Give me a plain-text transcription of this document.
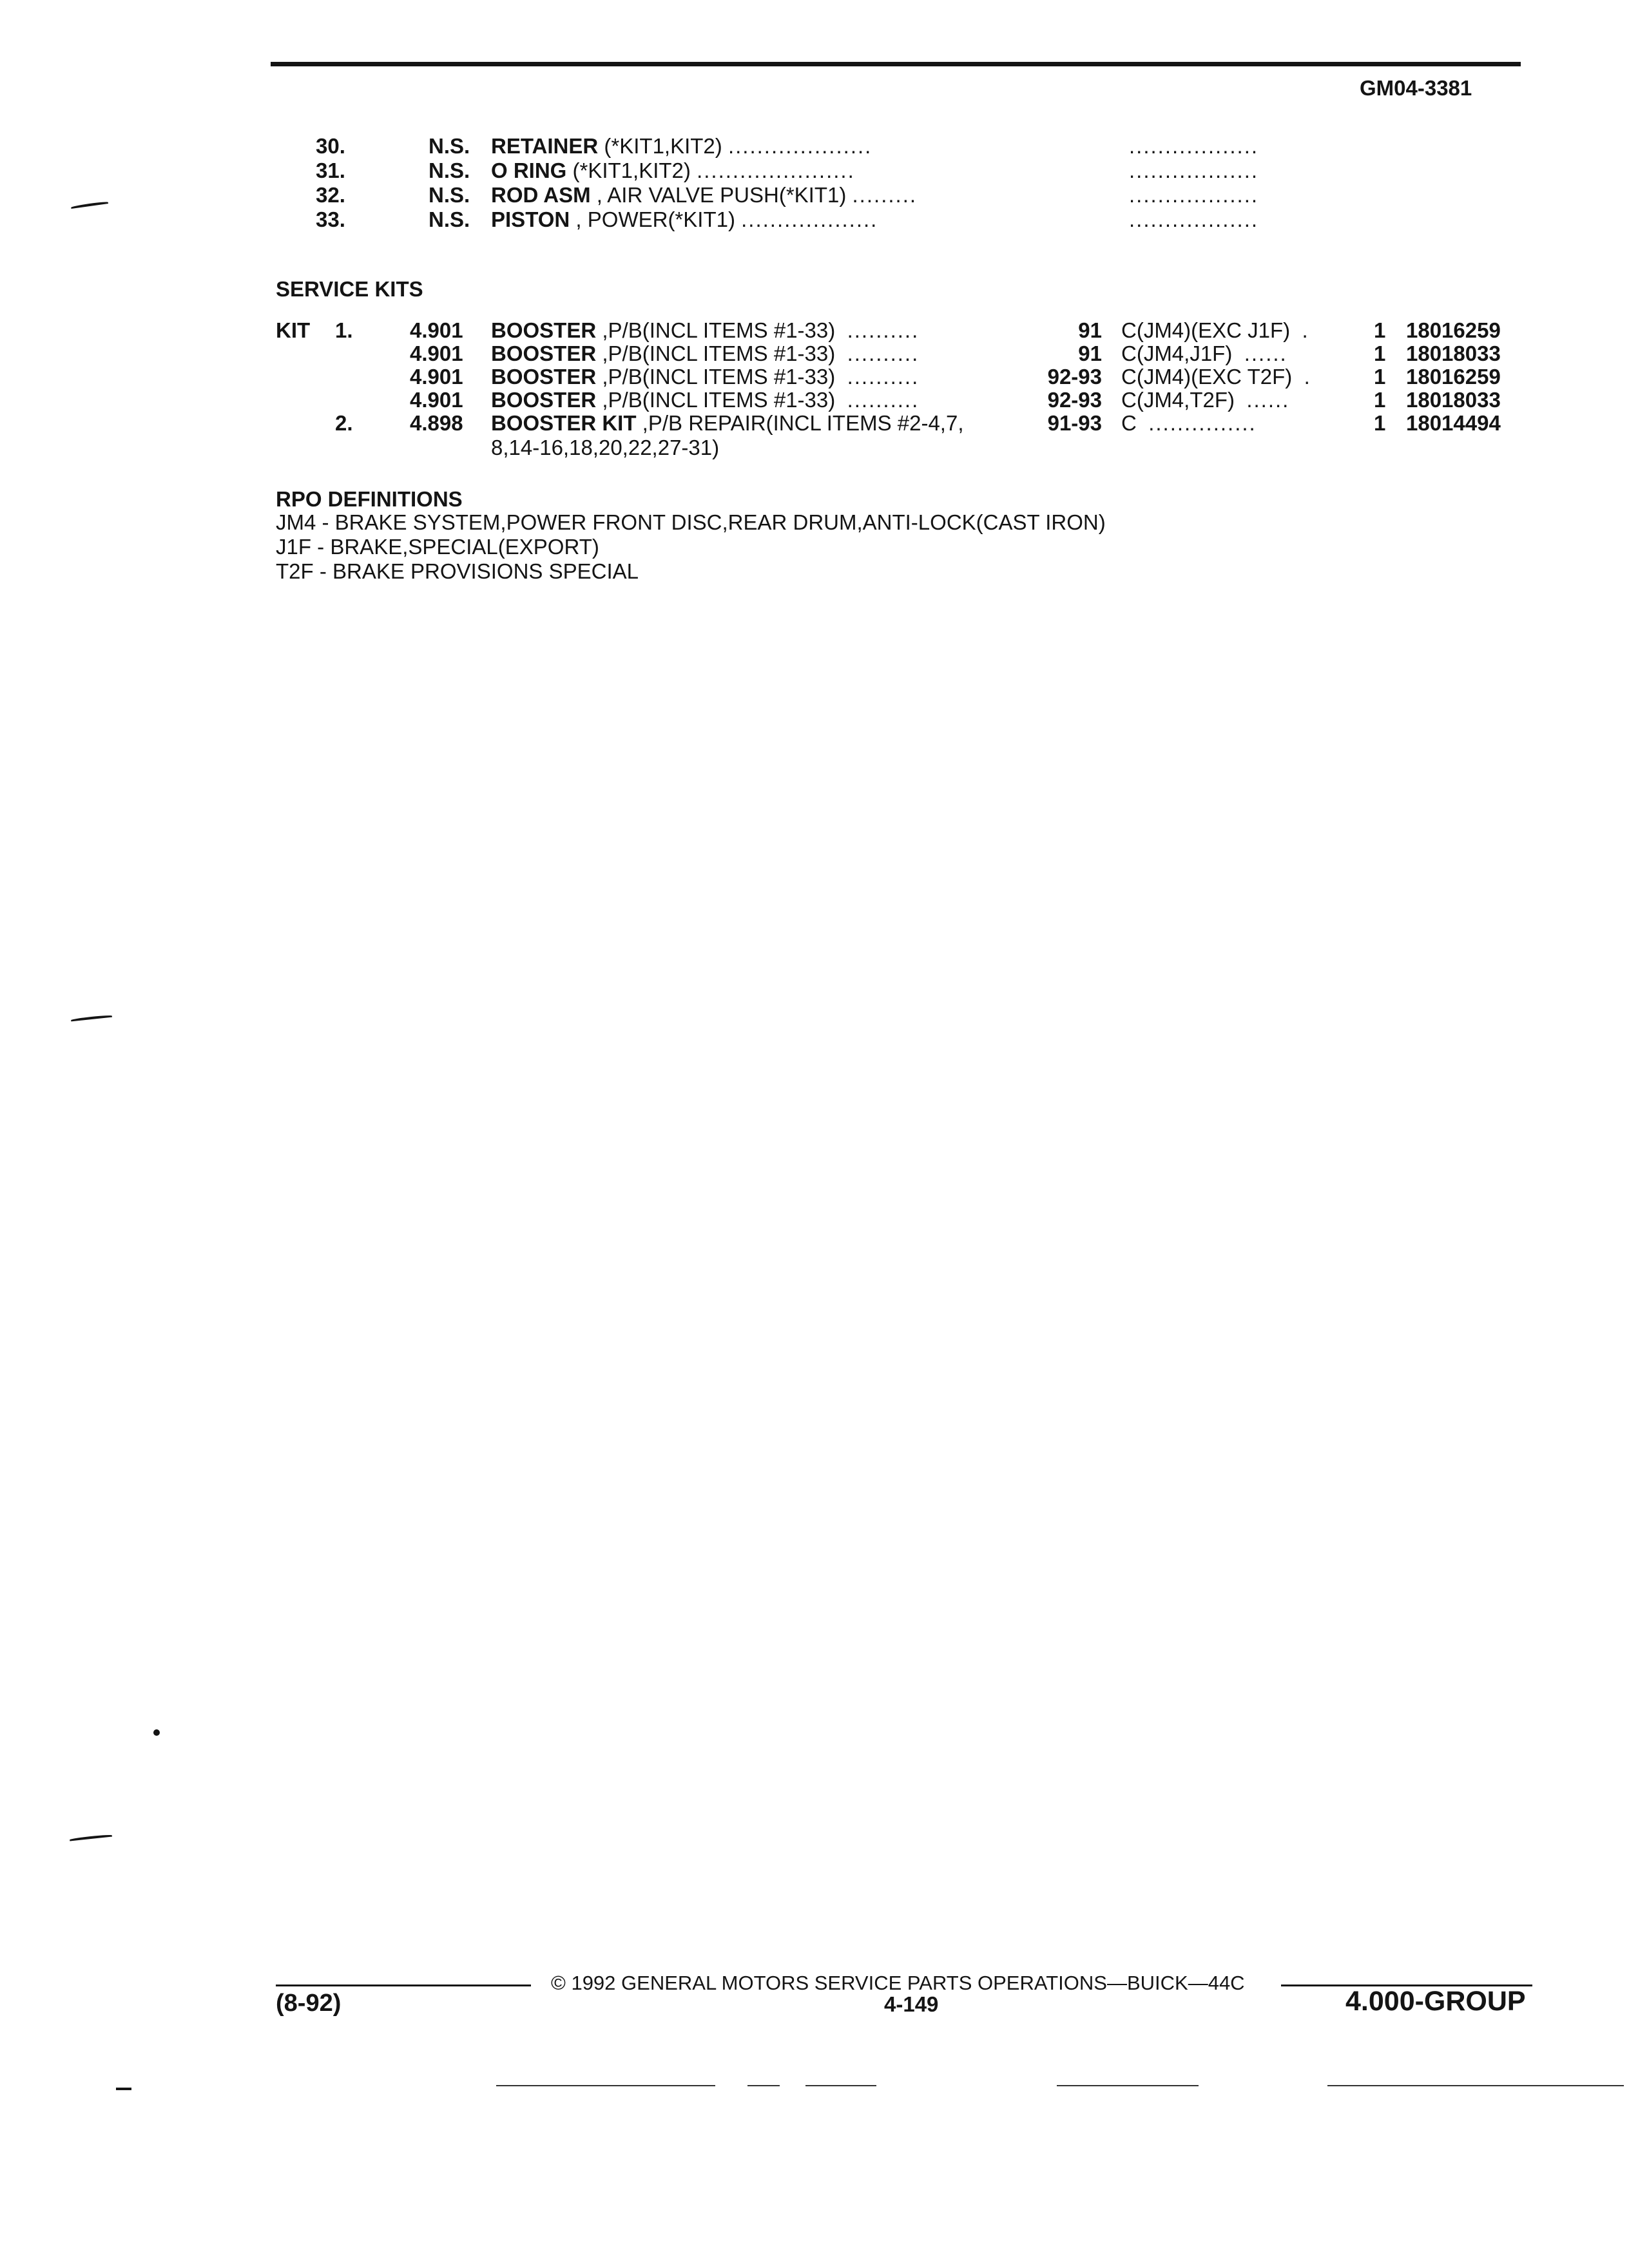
GM04-3381
30.	N.S. RETAINER (*KIT1,KIT2) ....................	..................
31.	N.S. O RING (*KIT1,KIT2) ......................	..................
32.	N.S. ROD ASM , AIR VALVE PUSH(*KIT1) .........	..................
33.	N.S. PISTON , POWER(*KIT1) ...................	..................
SERVICE KITS
KIT 1.	4.901 BOOSTER ,P/B(INCL ITEMS #1-33) ..........	91 C(JM4)(EXC J1F) .	1 18016259
4.901 BOOSTER ,P/B(INCL ITEMS #1-33) ..........	91 C(JM4,J1F) ......	1 18018033
4.901 BOOSTER ,P/B(INCL ITEMS #1-33) ..........	92-93 C(JM4)(EXC T2F) .	1 18016259
4.901 BOOSTER ,P/B(INCL ITEMS #1-33) ..........	92-93 C(JM4,T2F) ......	1 18018033
2.	4.898 BOOSTER KIT ,P/B REPAIR(INCL ITEMS #2-4,7,	91-93 C ...............	1 18014494
8,14-16,18,20,22,27-31)
RPO DEFINITIONS
JM4 - BRAKE SYSTEM,POWER FRONT DISC,REAR DRUM,ANTI-LOCK(CAST IRON)
J1F - BRAKE,SPECIAL(EXPORT)
T2F - BRAKE PROVISIONS SPECIAL
© 1992 GENERAL MOTORS SERVICE PARTS OPERATIONS—BUICK—44C
(8-92)	4-149	4.000-GROUP
